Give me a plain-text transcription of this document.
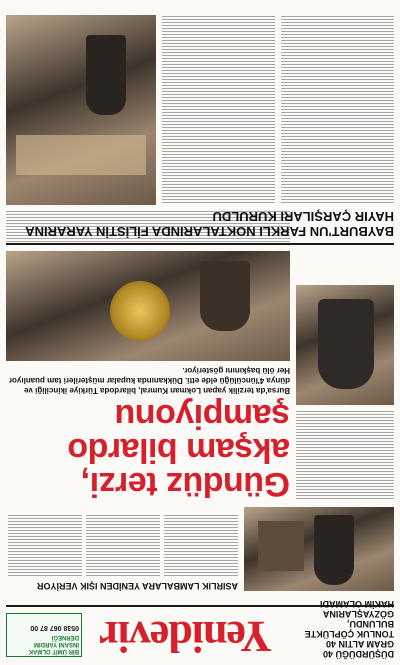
DÜŞÜRDÜĞÜ 40 GRAM ALTIN 40 TONLUK ÇÖPLÜKTE BULUNDU, GÖZYAŞLARINA HAKİM OLAMADI

Yenidevir

BİR ÜMİT OLMAK İNSANİ YARDIM DERNEĞİ

0538 067 87 00

ASIRLIK LAMBALARA YENİDEN IŞIK VERİYOR

Gündüz terzi, akşam bilardo şampiyonu

Bursa'da terzilik yapan Lokman Kumral, bilardoda Türkiye ikinciliği ve dünya 4'lüncülüğü elde etti. Dükkanında kupalar müşterileri tam puanlıyor Her ölü başkınını gösteriyor.

BAYBURT'UN FARKLI NOKTALARINDA FİLİSTİN YARARINA HAYIR ÇARŞILARI KURULDU
